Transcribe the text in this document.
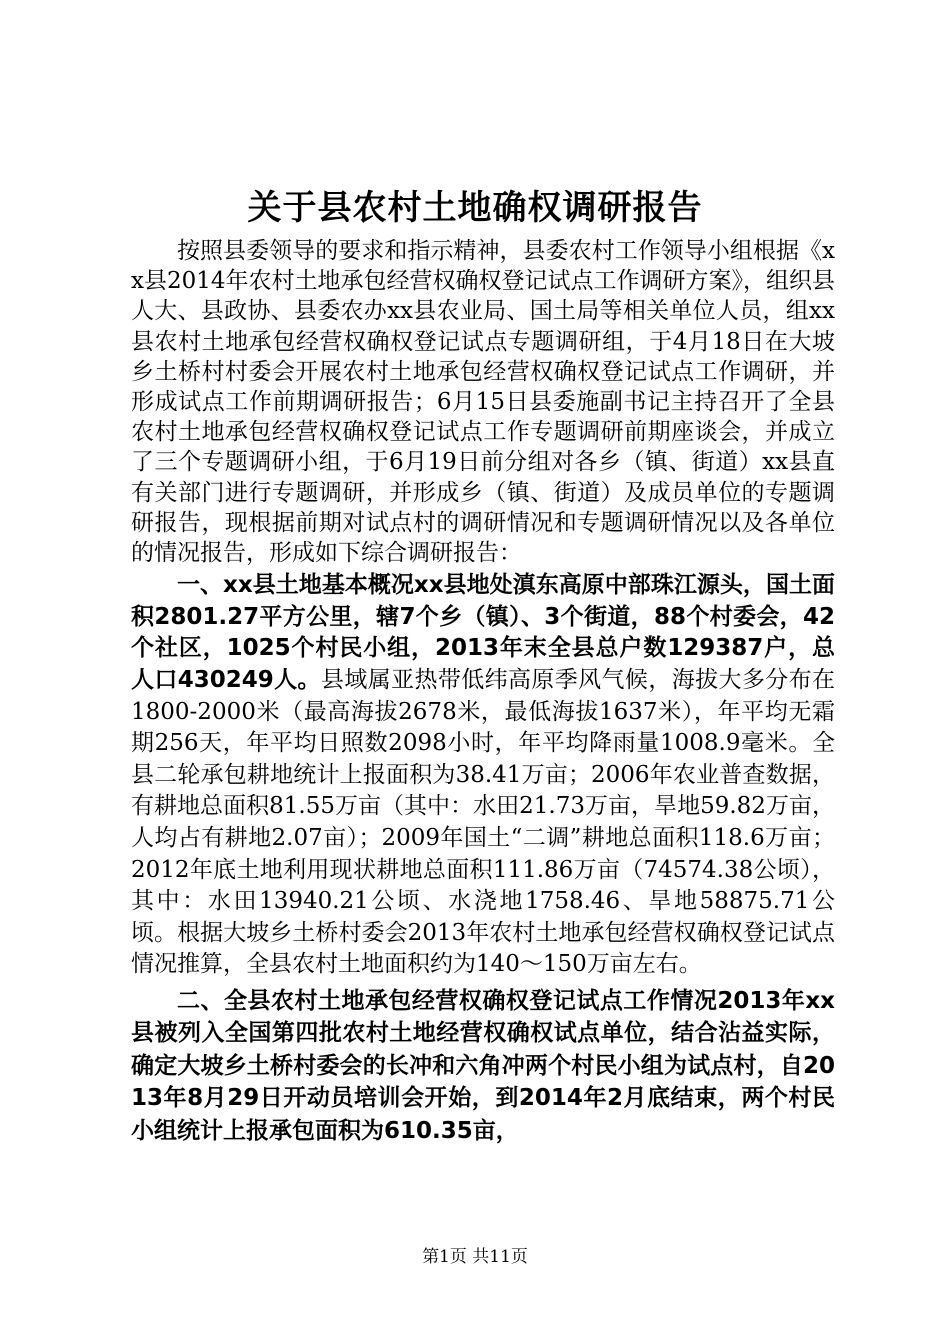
关于县农村土地确权调研报告

按照县委领导的要求和指示精神，县委农村工作领导小组根据《xx县2014年农村土地承包经营权确权登记试点工作调研方案》，组织县人大、县政协、县委农办xx县农业局、国土局等相关单位人员，组xx县农村土地承包经营权确权登记试点专题调研组，于4月18日在大坡乡土桥村村委会开展农村土地承包经营权确权登记试点工作调研，并形成试点工作前期调研报告；6月15日县委施副书记主持召开了全县农村土地承包经营权确权登记试点工作专题调研前期座谈会，并成立了三个专题调研小组，于6月19日前分组对各乡（镇、街道）xx县直有关部门进行专题调研，并形成乡（镇、街道）及成员单位的专题调研报告，现根据前期对试点村的调研情况和专题调研情况以及各单位的情况报告，形成如下综合调研报告：

一、xx县土地基本概况xx县地处滇东高原中部珠江源头，国土面积2801.27平方公里，辖7个乡（镇）、3个街道，88个村委会，42个社区，1025个村民小组，2013年末全县总户数129387户，总人口430249人。县域属亚热带低纬高原季风气候，海拔大多分布在1800-2000米（最高海拔2678米，最低海拔1637米），年平均无霜期256天，年平均日照数2098小时，年平均降雨量1008.9毫米。全县二轮承包耕地统计上报面积为38.41万亩；2006年农业普查数据，有耕地总面积81.55万亩（其中：水田21.73万亩，旱地59.82万亩，人均占有耕地2.07亩）；2009年国土“二调”耕地总面积118.6万亩；2012年底土地利用现状耕地总面积111.86万亩（74574.38公顷），其中：水田13940.21公顷、水浇地1758.46、旱地58875.71公顷。根据大坡乡土桥村委会2013年农村土地承包经营权确权登记试点情况推算，全县农村土地面积约为140～150万亩左右。

二、全县农村土地承包经营权确权登记试点工作情况2013年xx县被列入全国第四批农村土地经营权确权试点单位，结合沾益实际，确定大坡乡土桥村委会的长冲和六角冲两个村民小组为试点村，自2013年8月29日开动员培训会开始，到2014年2月底结束，两个村民小组统计上报承包面积为610.35亩，

第1页 共11页
